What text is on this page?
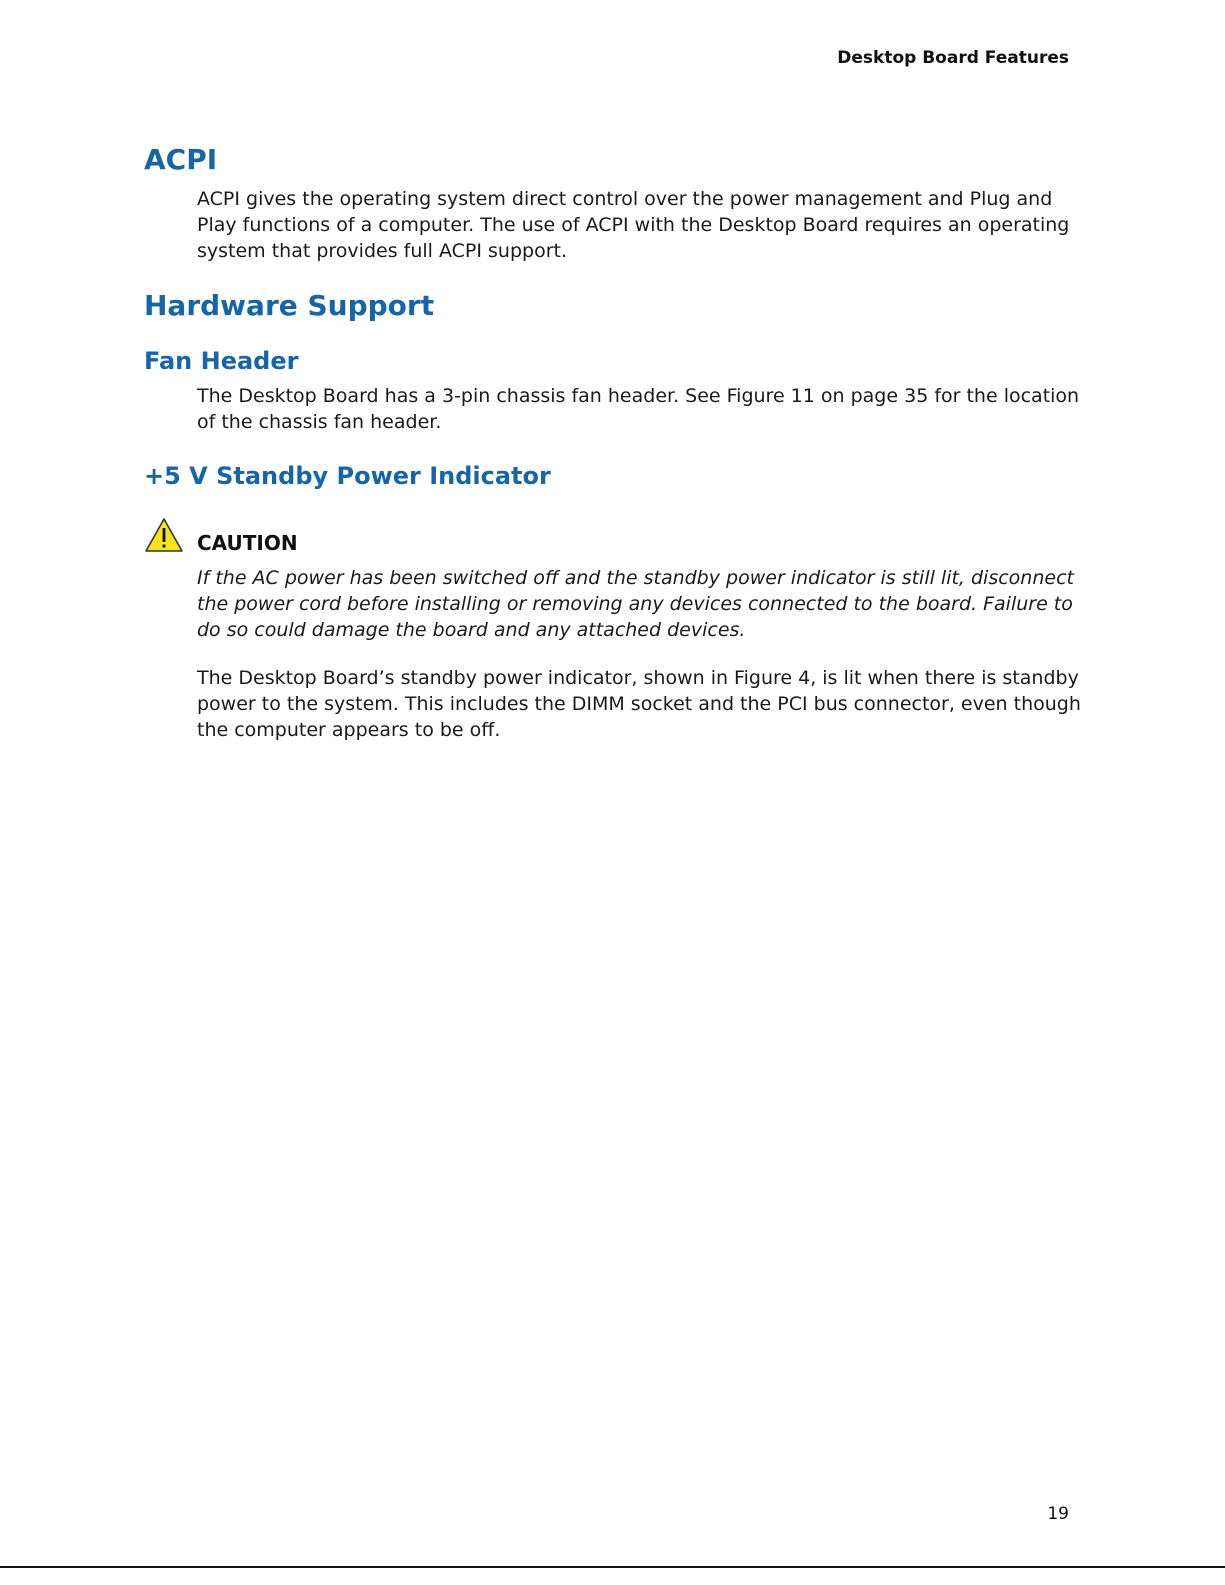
Desktop Board Features
ACPI

ACPI gives the operating system direct control over the power management and Plug and Play functions of a computer. The use of ACPI with the Desktop Board requires an operating system that provides full ACPI support.

Hardware Support
Fan Header

The Desktop Board has a 3-pin chassis fan header. See Figure 11 on page 35 for the location of the chassis fan header.

+5 V Standby Power Indicator
CAUTION

If the AC power has been switched off and the standby power indicator is still lit, disconnect the power cord before installing or removing any devices connected to the board. Failure to do so could damage the board and any attached devices.

The Desktop Board’s standby power indicator, shown in Figure 4, is lit when there is standby power to the system. This includes the DIMM socket and the PCI bus connector, even though the computer appears to be off.

19
